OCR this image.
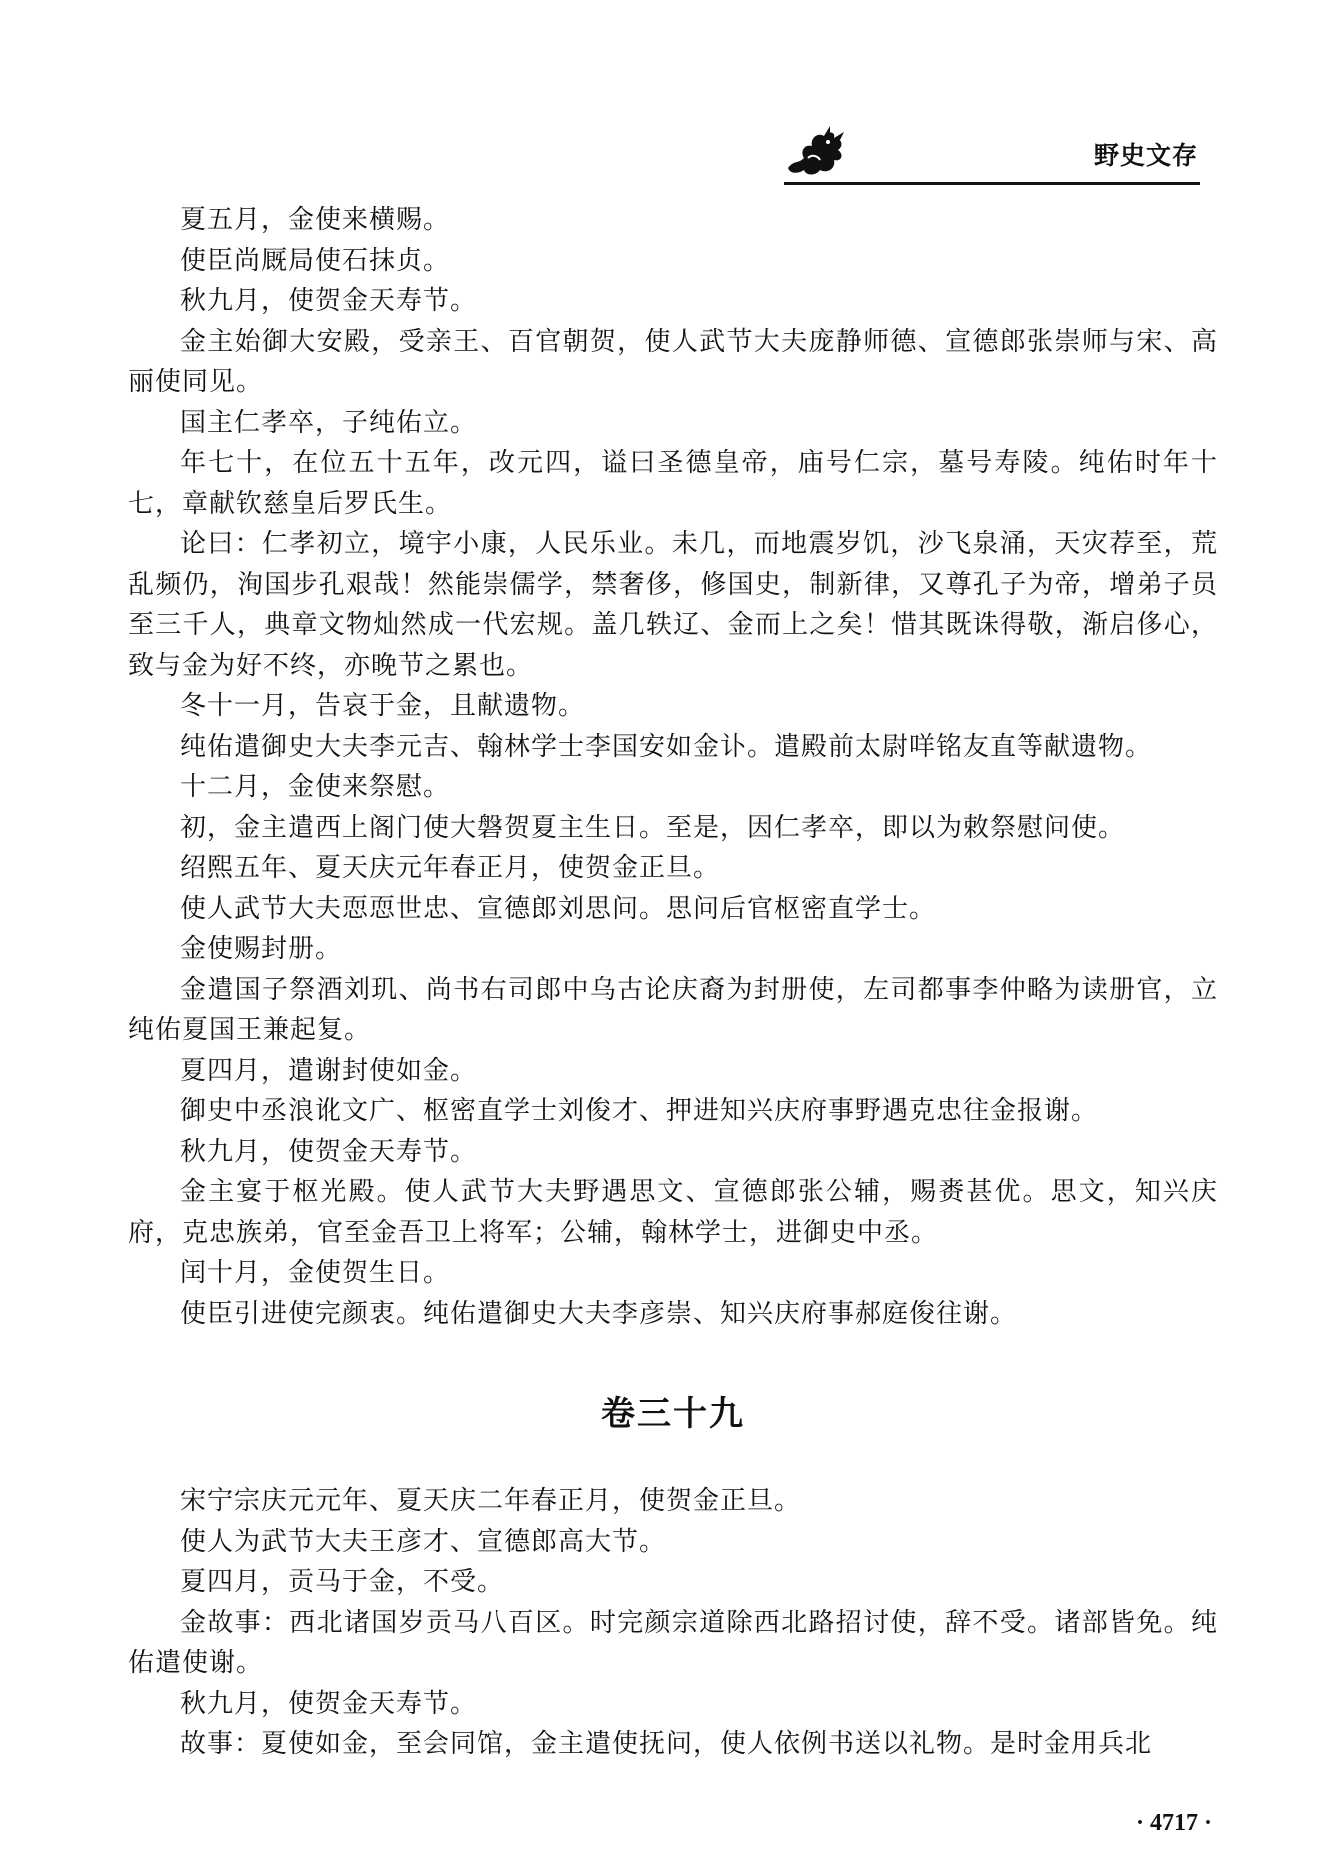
野史文存

夏五月，金使来横赐。

使臣尚厩局使石抹贞。

秋九月，使贺金天寿节。

金主始御大安殿，受亲王、百官朝贺，使人武节大夫庞静师德、宣德郎张崇师与宋、高丽使同见。

国主仁孝卒，子纯佑立。

年七十，在位五十五年，改元四，谥曰圣德皇帝，庙号仁宗，墓号寿陵。纯佑时年十七，章献钦慈皇后罗氏生。

论曰：仁孝初立，境宇小康，人民乐业。未几，而地震岁饥，沙飞泉涌，天灾荐至，荒乱频仍，洵国步孔艰哉！然能崇儒学，禁奢侈，修国史，制新律，又尊孔子为帝，增弟子员至三千人，典章文物灿然成一代宏规。盖几轶辽、金而上之矣！惜其既诛得敬，渐启侈心，致与金为好不终，亦晚节之累也。

冬十一月，告哀于金，且献遗物。

纯佑遣御史大夫李元吉、翰林学士李国安如金讣。遣殿前太尉咩铭友直等献遗物。

十二月，金使来祭慰。

初，金主遣西上阁门使大磐贺夏主生日。至是，因仁孝卒，即以为敕祭慰问使。

绍熙五年、夏天庆元年春正月，使贺金正旦。

使人武节大夫恧恧世忠、宣德郎刘思问。思问后官枢密直学士。

金使赐封册。

金遣国子祭酒刘玑、尚书右司郎中乌古论庆裔为封册使，左司都事李仲略为读册官，立纯佑夏国王兼起复。

夏四月，遣谢封使如金。

御史中丞浪讹文广、枢密直学士刘俊才、押进知兴庆府事野遇克忠往金报谢。

秋九月，使贺金天寿节。

金主宴于枢光殿。使人武节大夫野遇思文、宣德郎张公辅，赐赉甚优。思文，知兴庆府，克忠族弟，官至金吾卫上将军；公辅，翰林学士，进御史中丞。

闰十月，金使贺生日。

使臣引进使完颜衷。纯佑遣御史大夫李彦崇、知兴庆府事郝庭俊往谢。

卷三十九

宋宁宗庆元元年、夏天庆二年春正月，使贺金正旦。

使人为武节大夫王彦才、宣德郎高大节。

夏四月，贡马于金，不受。

金故事：西北诸国岁贡马八百区。时完颜宗道除西北路招讨使，辞不受。诸部皆免。纯佑遣使谢。

秋九月，使贺金天寿节。

故事：夏使如金，至会同馆，金主遣使抚问，使人依例书送以礼物。是时金用兵北

· 4717 ·
